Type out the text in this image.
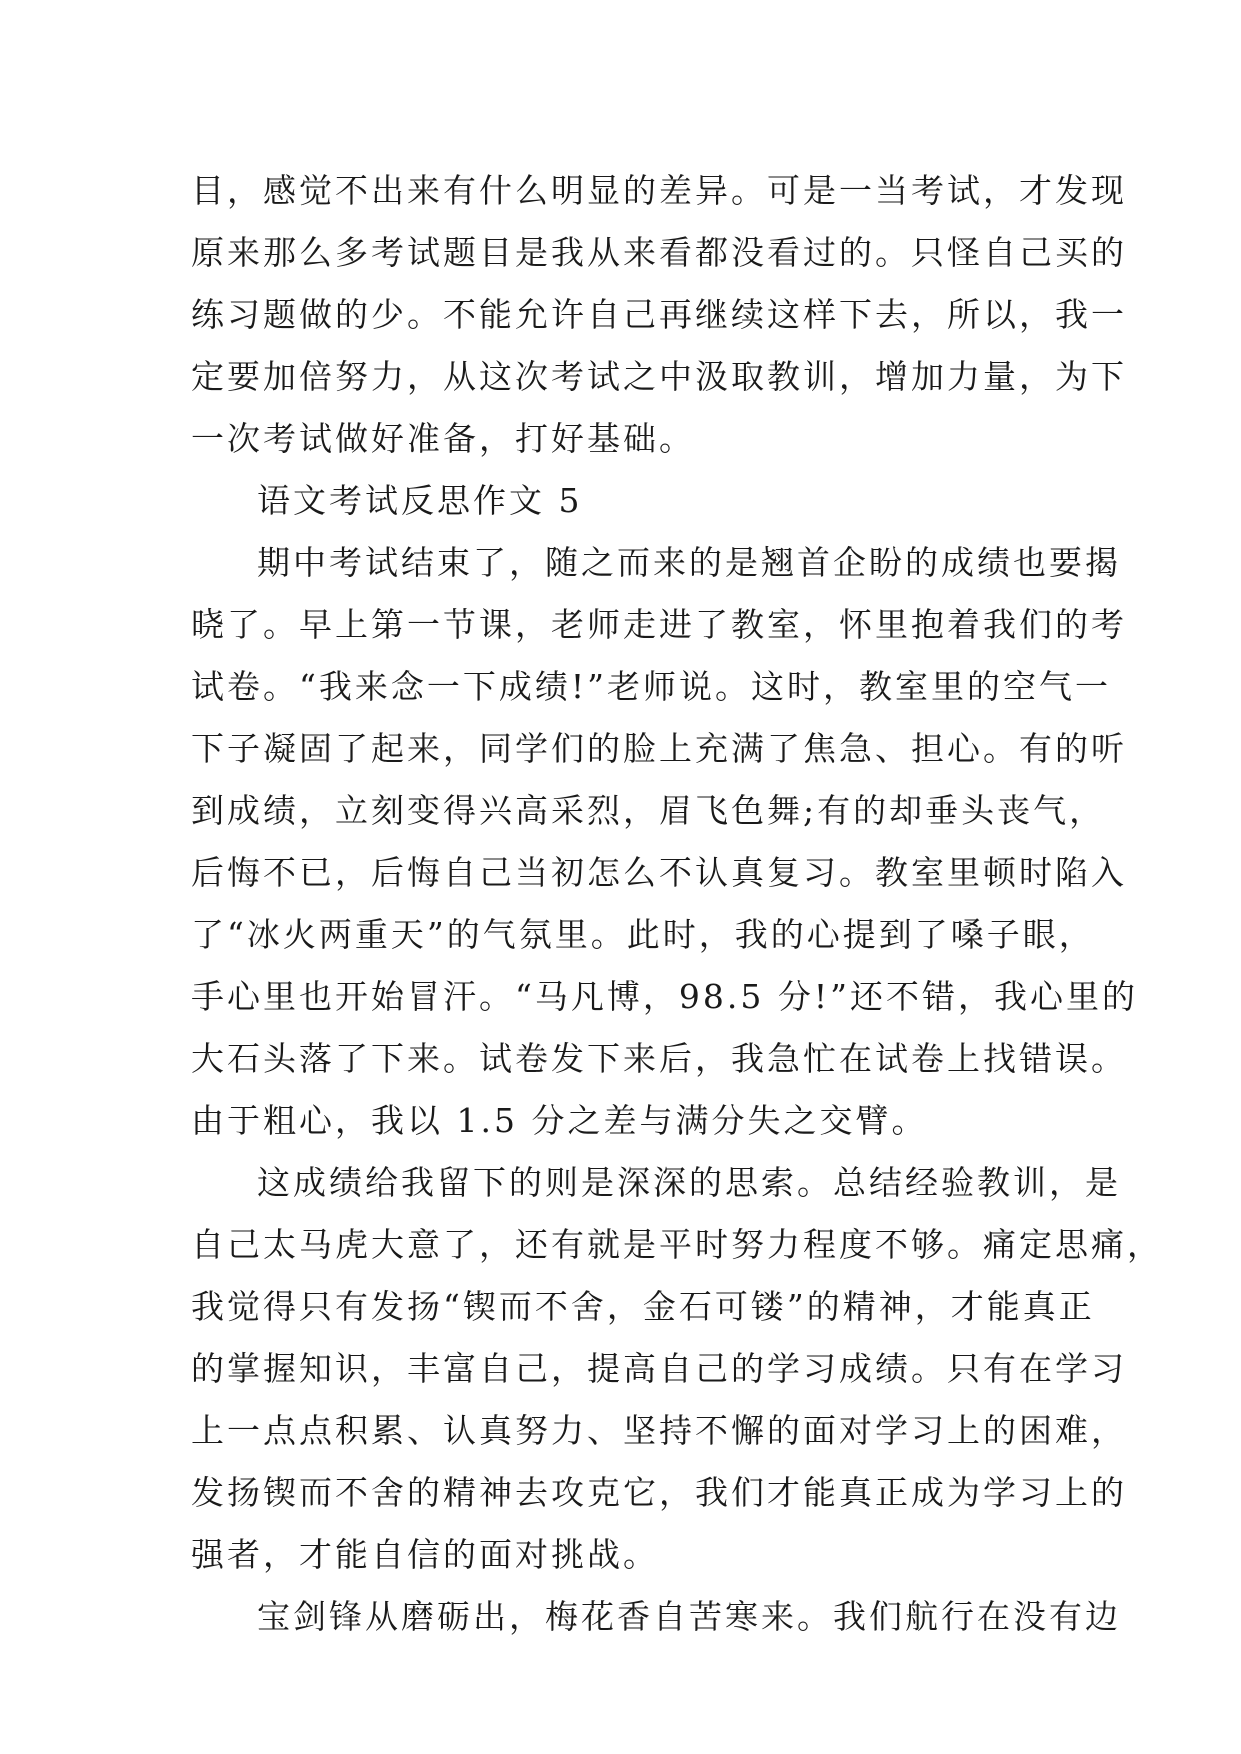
目，感觉不出来有什么明显的差异。可是一当考试，才发现
原来那么多考试题目是我从来看都没看过的。只怪自己买的
练习题做的少。不能允许自己再继续这样下去，所以，我一
定要加倍努力，从这次考试之中汲取教训，增加力量，为下
一次考试做好准备，打好基础。
语文考试反思作文 5
期中考试结束了，随之而来的是翘首企盼的成绩也要揭
晓了。早上第一节课，老师走进了教室，怀里抱着我们的考
试卷。“我来念一下成绩!”老师说。这时，教室里的空气一
下子凝固了起来，同学们的脸上充满了焦急、担心。有的听
到成绩，立刻变得兴高采烈，眉飞色舞;有的却垂头丧气，
后悔不已，后悔自己当初怎么不认真复习。教室里顿时陷入
了“冰火两重天”的气氛里。此时，我的心提到了嗓子眼，
手心里也开始冒汗。“马凡博，98.5 分!”还不错，我心里的
大石头落了下来。试卷发下来后，我急忙在试卷上找错误。
由于粗心，我以 1.5 分之差与满分失之交臂。
这成绩给我留下的则是深深的思索。总结经验教训，是
自己太马虎大意了，还有就是平时努力程度不够。痛定思痛，
我觉得只有发扬“锲而不舍，金石可镂”的精神，才能真正
的掌握知识，丰富自己，提高自己的学习成绩。只有在学习
上一点点积累、认真努力、坚持不懈的面对学习上的困难，
发扬锲而不舍的精神去攻克它，我们才能真正成为学习上的
强者，才能自信的面对挑战。
宝剑锋从磨砺出，梅花香自苦寒来。我们航行在没有边
